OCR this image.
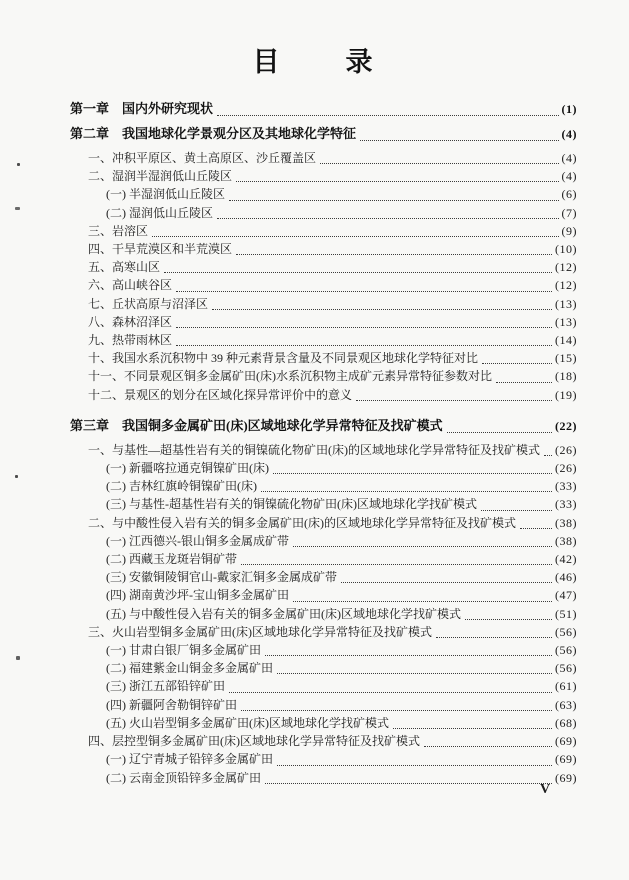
目　　录
第一章　国内外研究现状	(1)
第二章　我国地球化学景观分区及其地球化学特征	(4)
一、冲积平原区、黄土高原区、沙丘覆盖区	(4)
二、湿润半湿润低山丘陵区	(4)
(一) 半湿润低山丘陵区	(6)
(二) 湿润低山丘陵区	(7)
三、岩溶区	(9)
四、干旱荒漠区和半荒漠区	(10)
五、高寒山区	(12)
六、高山峡谷区	(12)
七、丘状高原与沼泽区	(13)
八、森林沼泽区	(13)
九、热带雨林区	(14)
十、我国水系沉积物中 39 种元素背景含量及不同景观区地球化学特征对比	(15)
十一、不同景观区铜多金属矿田(床)水系沉积物主成矿元素异常特征参数对比	(18)
十二、景观区的划分在区域化探异常评价中的意义	(19)
第三章　我国铜多金属矿田(床)区域地球化学异常特征及找矿模式	(22)
一、与基性—超基性岩有关的铜镍硫化物矿田(床)的区域地球化学异常特征及找矿模式 (26)
(一) 新疆喀拉通克铜镍矿田(床)	(26)
(二) 吉林红旗岭铜镍矿田(床)	(33)
(三) 与基性-超基性岩有关的铜镍硫化物矿田(床)区域地球化学找矿模式	(33)
二、与中酸性侵入岩有关的铜多金属矿田(床)的区域地球化学异常特征及找矿模式	(38)
(一) 江西德兴-银山铜多金属成矿带	(38)
(二) 西藏玉龙斑岩铜矿带	(42)
(三) 安徽铜陵铜官山-戴家汇铜多金属成矿带	(46)
(四) 湖南黄沙坪-宝山铜多金属矿田	(47)
(五) 与中酸性侵入岩有关的铜多金属矿田(床)区域地球化学找矿模式	(51)
三、火山岩型铜多金属矿田(床)区域地球化学异常特征及找矿模式	(56)
(一) 甘肃白银厂铜多金属矿田	(56)
(二) 福建紫金山铜金多金属矿田	(56)
(三) 浙江五部铅锌矿田	(61)
(四) 新疆阿舍勒铜锌矿田	(63)
(五) 火山岩型铜多金属矿田(床)区域地球化学找矿模式	(68)
四、层控型铜多金属矿田(床)区域地球化学异常特征及找矿模式	(69)
(一) 辽宁青城子铅锌多金属矿田	(69)
(二) 云南金顶铅锌多金属矿田	(69)
V
